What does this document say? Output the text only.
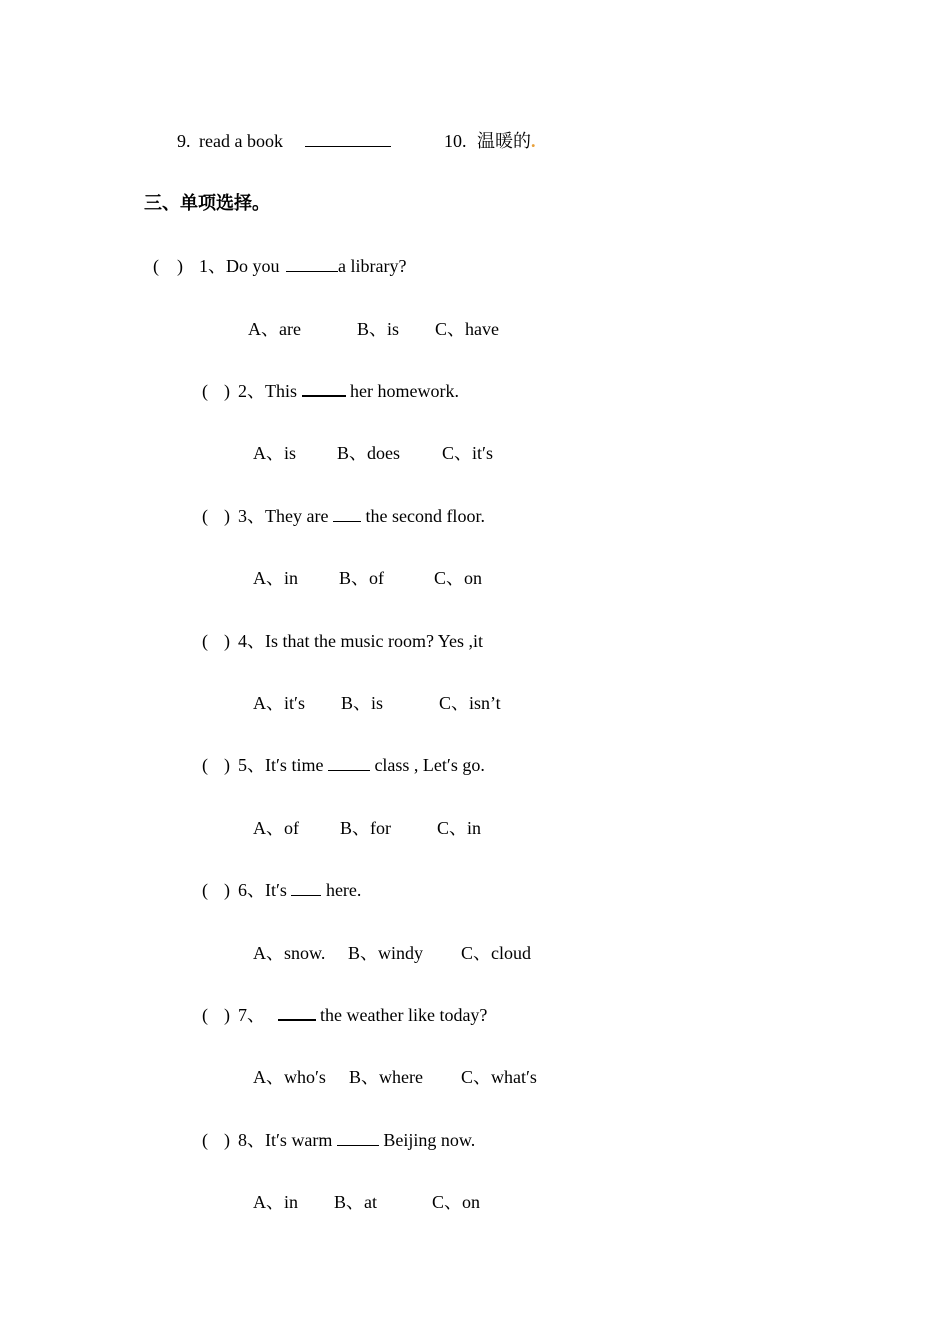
9. read a book	10. 温暖的.
三、单项选择。
( ) 1、Do you	a library?
A、are	B、is C、have
( ) 2、This	her homework.
A、is B、does C、it′s
( ) 3、They are the second floor.
A、in B、of	C、on
( ) 4、Is that the music room? Yes ,it
A、it′s B、is	C、isn’t
( ) 5、It′s time	class , Let′s go.
A、of B、for	C、in
( ) 6、It′s here.
A、snow. B、windy C、cloud
( ) 7、	the weather like today?
A、who′s B、where C、what′s
( ) 8、It′s warm	Beijing now.
A、in B、at	C、on
